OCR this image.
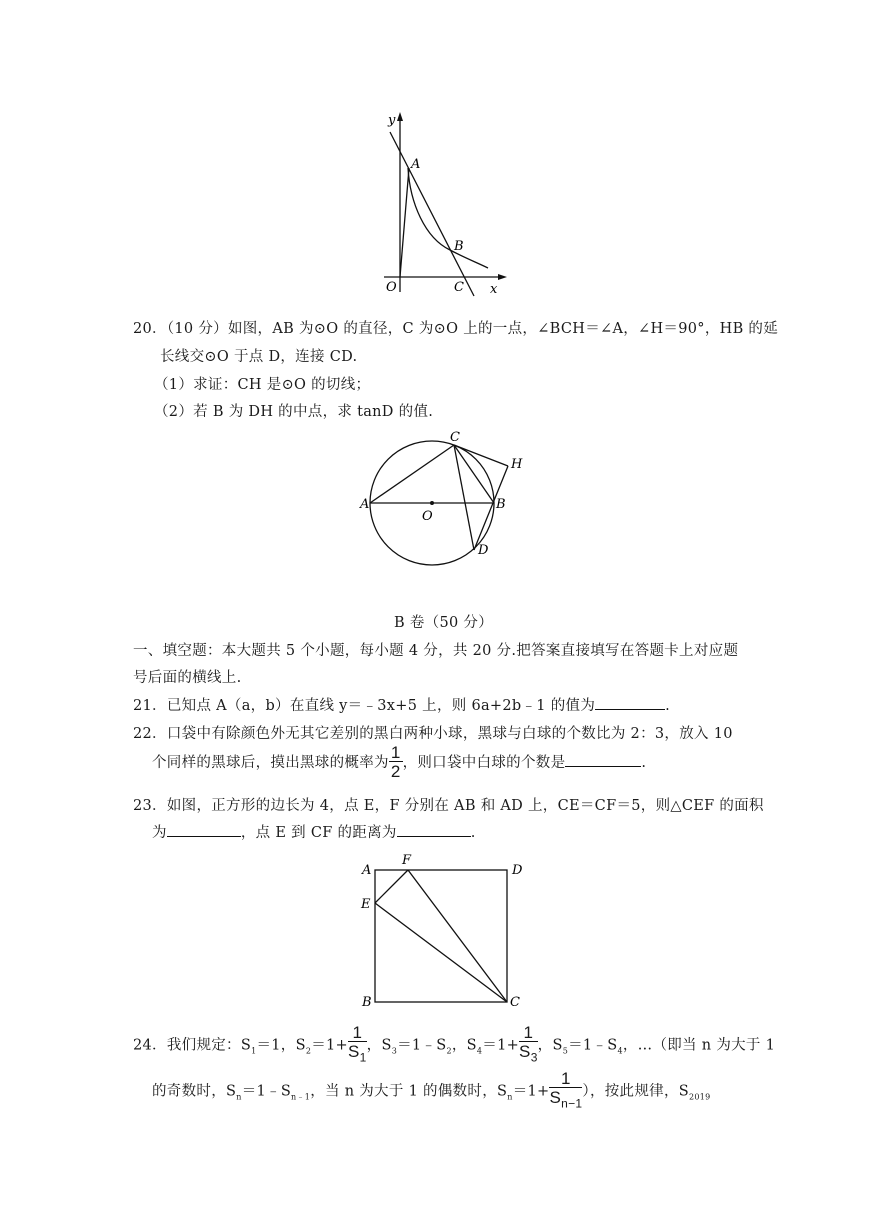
y
A
B
O	C x
20．（10 分）如图，AB 为⊙O 的直径，C 为⊙O 上的一点，∠BCH＝∠A，∠H＝90°，HB 的延
长线交⊙O 于点 D，连接 CD.
（1）求证：CH 是⊙O 的切线；
（2）若 B 为 DH 的中点，求 tanD 的值.
A
O
C
H
B
D
B 卷（50 分）
一、填空题：本大题共 5 个小题，每小题 4 分，共 20 分.把答案直接填写在答题卡上对应题
号后面的横线上.
21．已知点 A（a，b）在直线 y＝﹣3x+5 上，则 6a+2b﹣1 的值为	.
22．口袋中有除颜色外无其它差别的黑白两种小球，黑球与白球的个数比为 2：3，放入 10
个同样的黑球后，摸出黑球的概率为 $\frac{1}{2}$ ，则口袋中白球的个数是	.
23．如图，正方形的边长为 4，点 E，F 分别在 AB 和 AD 上，CE＝CF＝5，则△CEF 的面积
为	，点 E 到 CF 的距离为	.
A
F
D
E
B	C
24．我们规定：$S_1=1$，$S_2=1+ \frac{1}{S_1}$ ，$S_3=1﹣S_2$，$S_4=1+ \frac{1}{S_3}$ ，$S_5=1﹣S_4$，…（即当 n 为大于 1
的奇数时，$S_n=1﹣S_{n﹣1}$，当 n 为大于 1 的偶数时，$S_n=1+ \frac{1}{S_{n-1}}$ ），按此规律，$S_{2019}$
